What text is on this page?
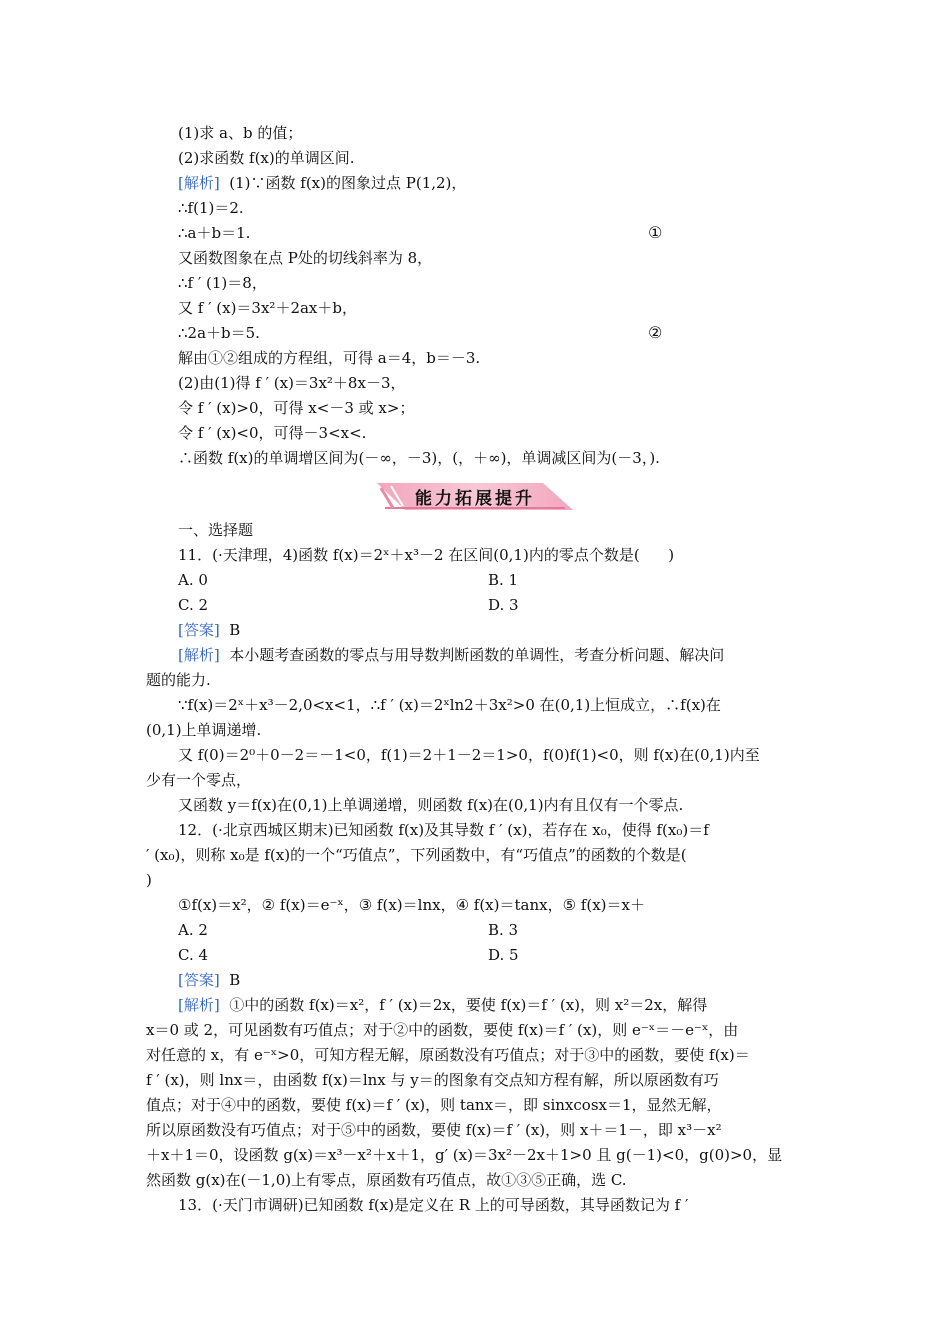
(1)求 a、b 的值；
(2)求函数 f(x)的单调区间.
[解析]  (1)∵函数 f(x)的图象过点 P(1,2)，
∴f(1)＝2.
∴a＋b＝1.
又函数图象在点 P处的切线斜率为 8，
∴f ′ (1)＝8，
又 f ′ (x)＝3x²＋2ax＋b，
∴2a＋b＝5.
解由①②组成的方程组，可得 a＝4，b＝－3.
(2)由(1)得 f ′ (x)＝3x²＋8x－3，
令 f ′ (x)>0，可得 x<－3 或 x>；
令 f ′ (x)<0，可得－3<x<.
∴函数 f(x)的单调增区间为(－∞，－3)，(，＋∞)，单调减区间为(－3，).
①
②
能力拓展提升
一、选择题
11．(·天津理，4)函数 f(x)＝2ˣ＋x³－2 在区间(0,1)内的零点个数是(      )
A. 0	B. 1
C. 2	D. 3
[答案]  B
[解析]  本小题考查函数的零点与用导数判断函数的单调性，考查分析问题、解决问
题的能力.
∵f(x)＝2ˣ＋x³－2,0<x<1，∴f ′ (x)＝2ˣln2＋3x²>0 在(0,1)上恒成立，∴f(x)在
(0,1)上单调递增.
又 f(0)＝2⁰＋0－2＝－1<0，f(1)＝2＋1－2＝1>0，f(0)f(1)<0，则 f(x)在(0,1)内至
少有一个零点，
又函数 y＝f(x)在(0,1)上单调递增，则函数 f(x)在(0,1)内有且仅有一个零点.
12．(·北京西城区期末)已知函数 f(x)及其导数 f ′ (x)，若存在 x₀，使得 f(x₀)＝f
′ (x₀)，则称 x₀是 f(x)的一个“巧值点”，下列函数中，有“巧值点”的函数的个数是(
)
①f(x)＝x²，② f(x)＝e⁻ˣ，③ f(x)＝lnx，④ f(x)＝tanx，⑤ f(x)＝x＋
A. 2	B. 3
C. 4	D. 5
[答案]  B
[解析]  ①中的函数 f(x)＝x²，f ′ (x)＝2x，要使 f(x)＝f ′ (x)，则 x²＝2x，解得
x＝0 或 2，可见函数有巧值点；对于②中的函数，要使 f(x)＝f ′ (x)，则 e⁻ˣ＝－e⁻ˣ，由
对任意的 x，有 e⁻ˣ>0，可知方程无解，原函数没有巧值点；对于③中的函数，要使 f(x)＝
f ′ (x)，则 lnx＝，由函数 f(x)＝lnx 与 y＝的图象有交点知方程有解，所以原函数有巧
值点；对于④中的函数，要使 f(x)＝f ′ (x)，则 tanx＝，即 sinxcosx＝1，显然无解，
所以原函数没有巧值点；对于⑤中的函数，要使 f(x)＝f ′ (x)，则 x＋＝1－，即 x³－x²
＋x＋1＝0，设函数 g(x)＝x³－x²＋x＋1，g′ (x)＝3x²－2x＋1>0 且 g(－1)<0，g(0)>0，显
然函数 g(x)在(－1,0)上有零点，原函数有巧值点，故①③⑤正确，选 C.
13．(·天门市调研)已知函数 f(x)是定义在 R 上的可导函数，其导函数记为 f ′
